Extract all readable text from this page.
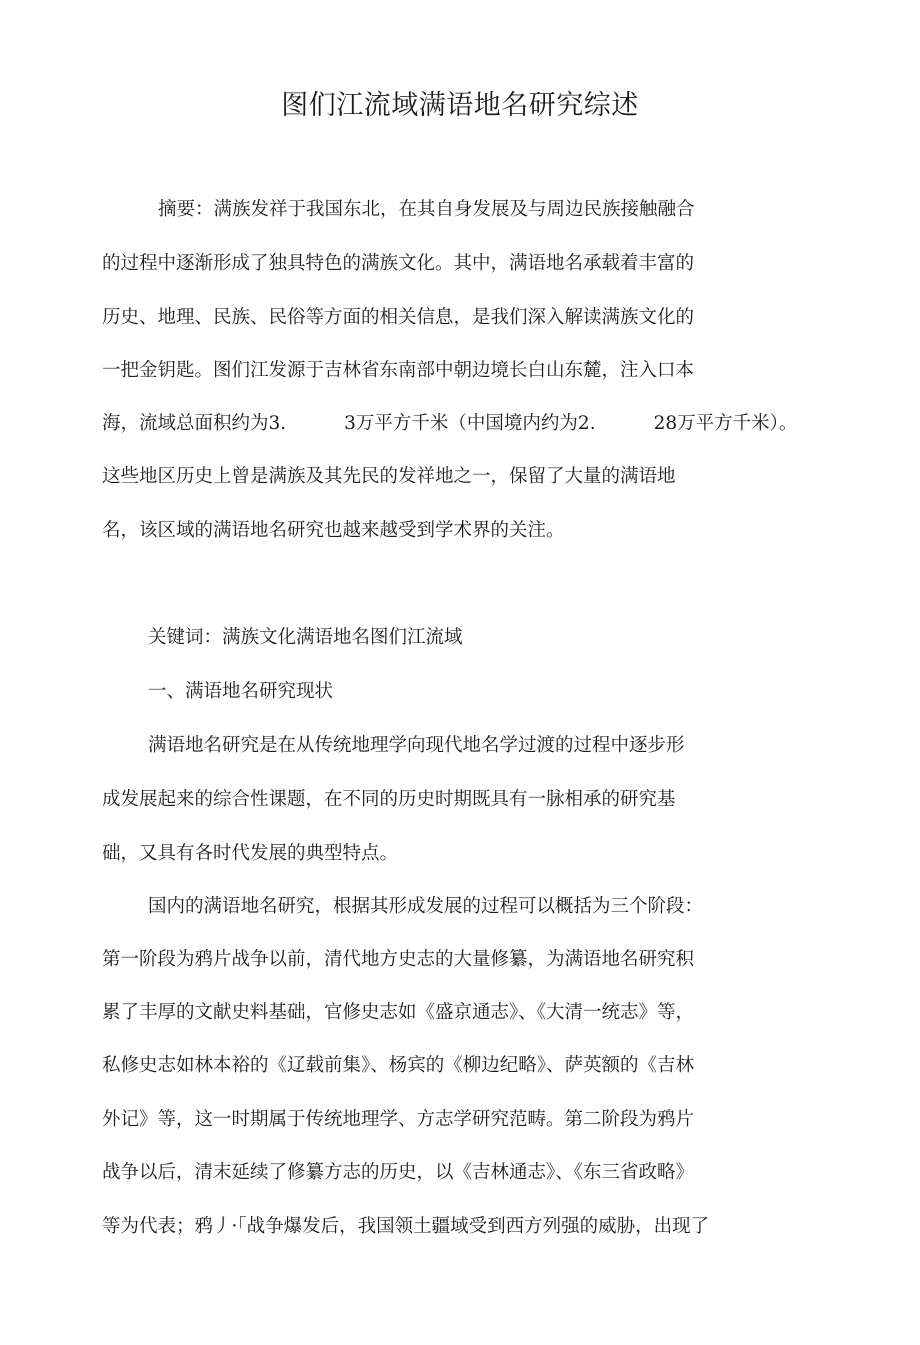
图们江流域满语地名研究综述
摘要：满族发祥于我国东北，在其自身发展及与周边民族接触融合
的过程中逐渐形成了独具特色的满族文化。其中，满语地名承载着丰富的
历史、地理、民族、民俗等方面的相关信息，是我们深入解读满族文化的
一把金钥匙。图们江发源于吉林省东南部中朝边境长白山东麓，注入口本
海，流域总面积约为3.	3万平方千米（中国境内约为2.	28万平方千米）。
这些地区历史上曾是满族及其先民的发祥地之一，保留了大量的满语地
名，该区域的满语地名研究也越来越受到学术界的关注。
关键词：满族文化满语地名图们江流域
一、满语地名研究现状
满语地名研究是在从传统地理学向现代地名学过渡的过程中逐步形
成发展起来的综合性课题，在不同的历史时期既具有一脉相承的研究基
础，又具有各时代发展的典型特点。
国内的满语地名研究，根据其形成发展的过程可以概括为三个阶段：
第一阶段为鸦片战争以前，清代地方史志的大量修纂，为满语地名研究积
累了丰厚的文献史料基础，官修史志如《盛京通志》、《大清一统志》等，
私修史志如林本裕的《辽载前集》、杨宾的《柳边纪略》、萨英额的《吉林
外记》等，这一时期属于传统地理学、方志学研究范畴。第二阶段为鸦片
战争以后，清末延续了修纂方志的历史，以《吉林通志》、《东三省政略》
等为代表；鸦丿·「战争爆发后，我国领土疆域受到西方列强的威胁，出现了
